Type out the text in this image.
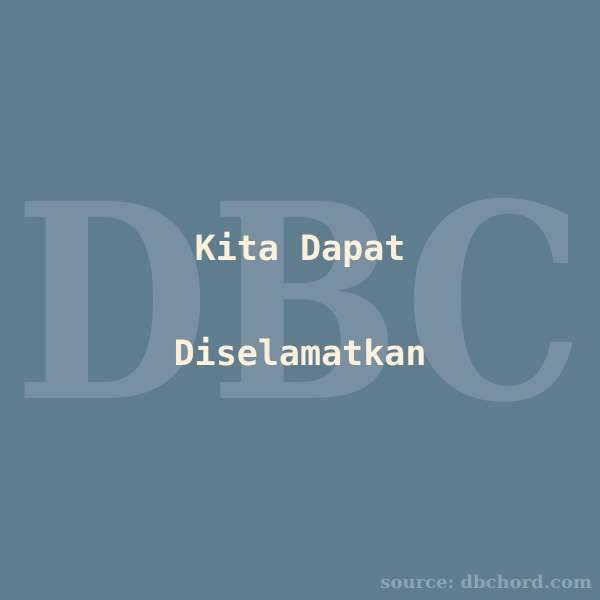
DBC
Kita Dapat
Diselamatkan
source: dbchord.com
